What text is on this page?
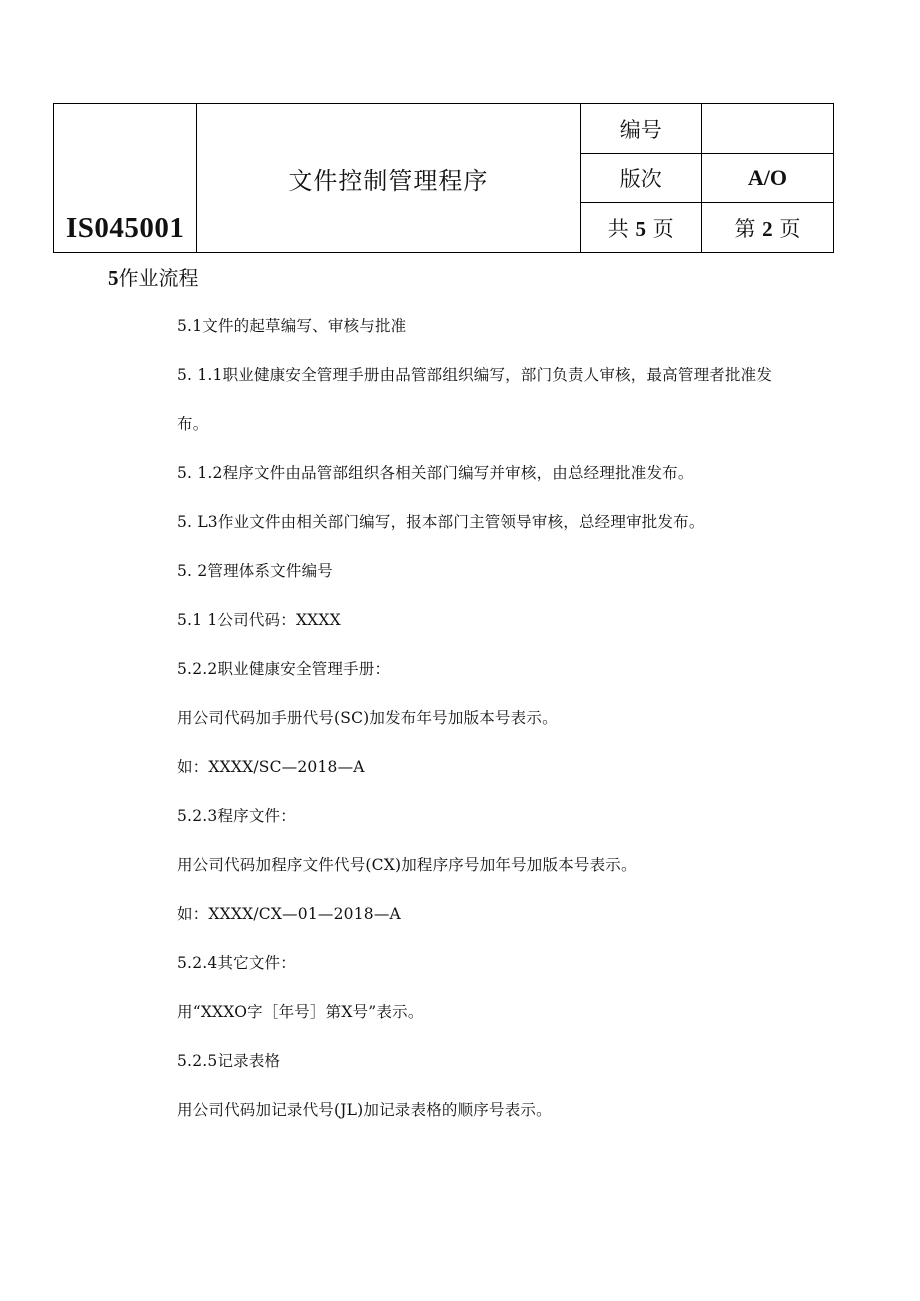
IS045001	文件控制管理程序	编号	
		版次	A/O
		共 5 页	第 2 页
5作业流程
5.1文件的起草编写、审核与批准
5. 1.1职业健康安全管理手册由品管部组织编写，部门负责人审核，最高管理者批准发
布。
5. 1.2程序文件由品管部组织各相关部门编写并审核，由总经理批准发布。
5. L3作业文件由相关部门编写，报本部门主管领导审核，总经理审批发布。
5. 2管理体系文件编号
5.1 1公司代码：XXXX
5.2.2职业健康安全管理手册：
用公司代码加手册代号(SC)加发布年号加版本号表示。
如：XXXX/SC—2018—A
5.2.3程序文件：
用公司代码加程序文件代号(CX)加程序序号加年号加版本号表示。
如：XXXX/CX—01—2018—A
5.2.4其它文件：
用“XXXO字［年号］第X号”表示。
5.2.5记录表格
用公司代码加记录代号(JL)加记录表格的顺序号表示。
